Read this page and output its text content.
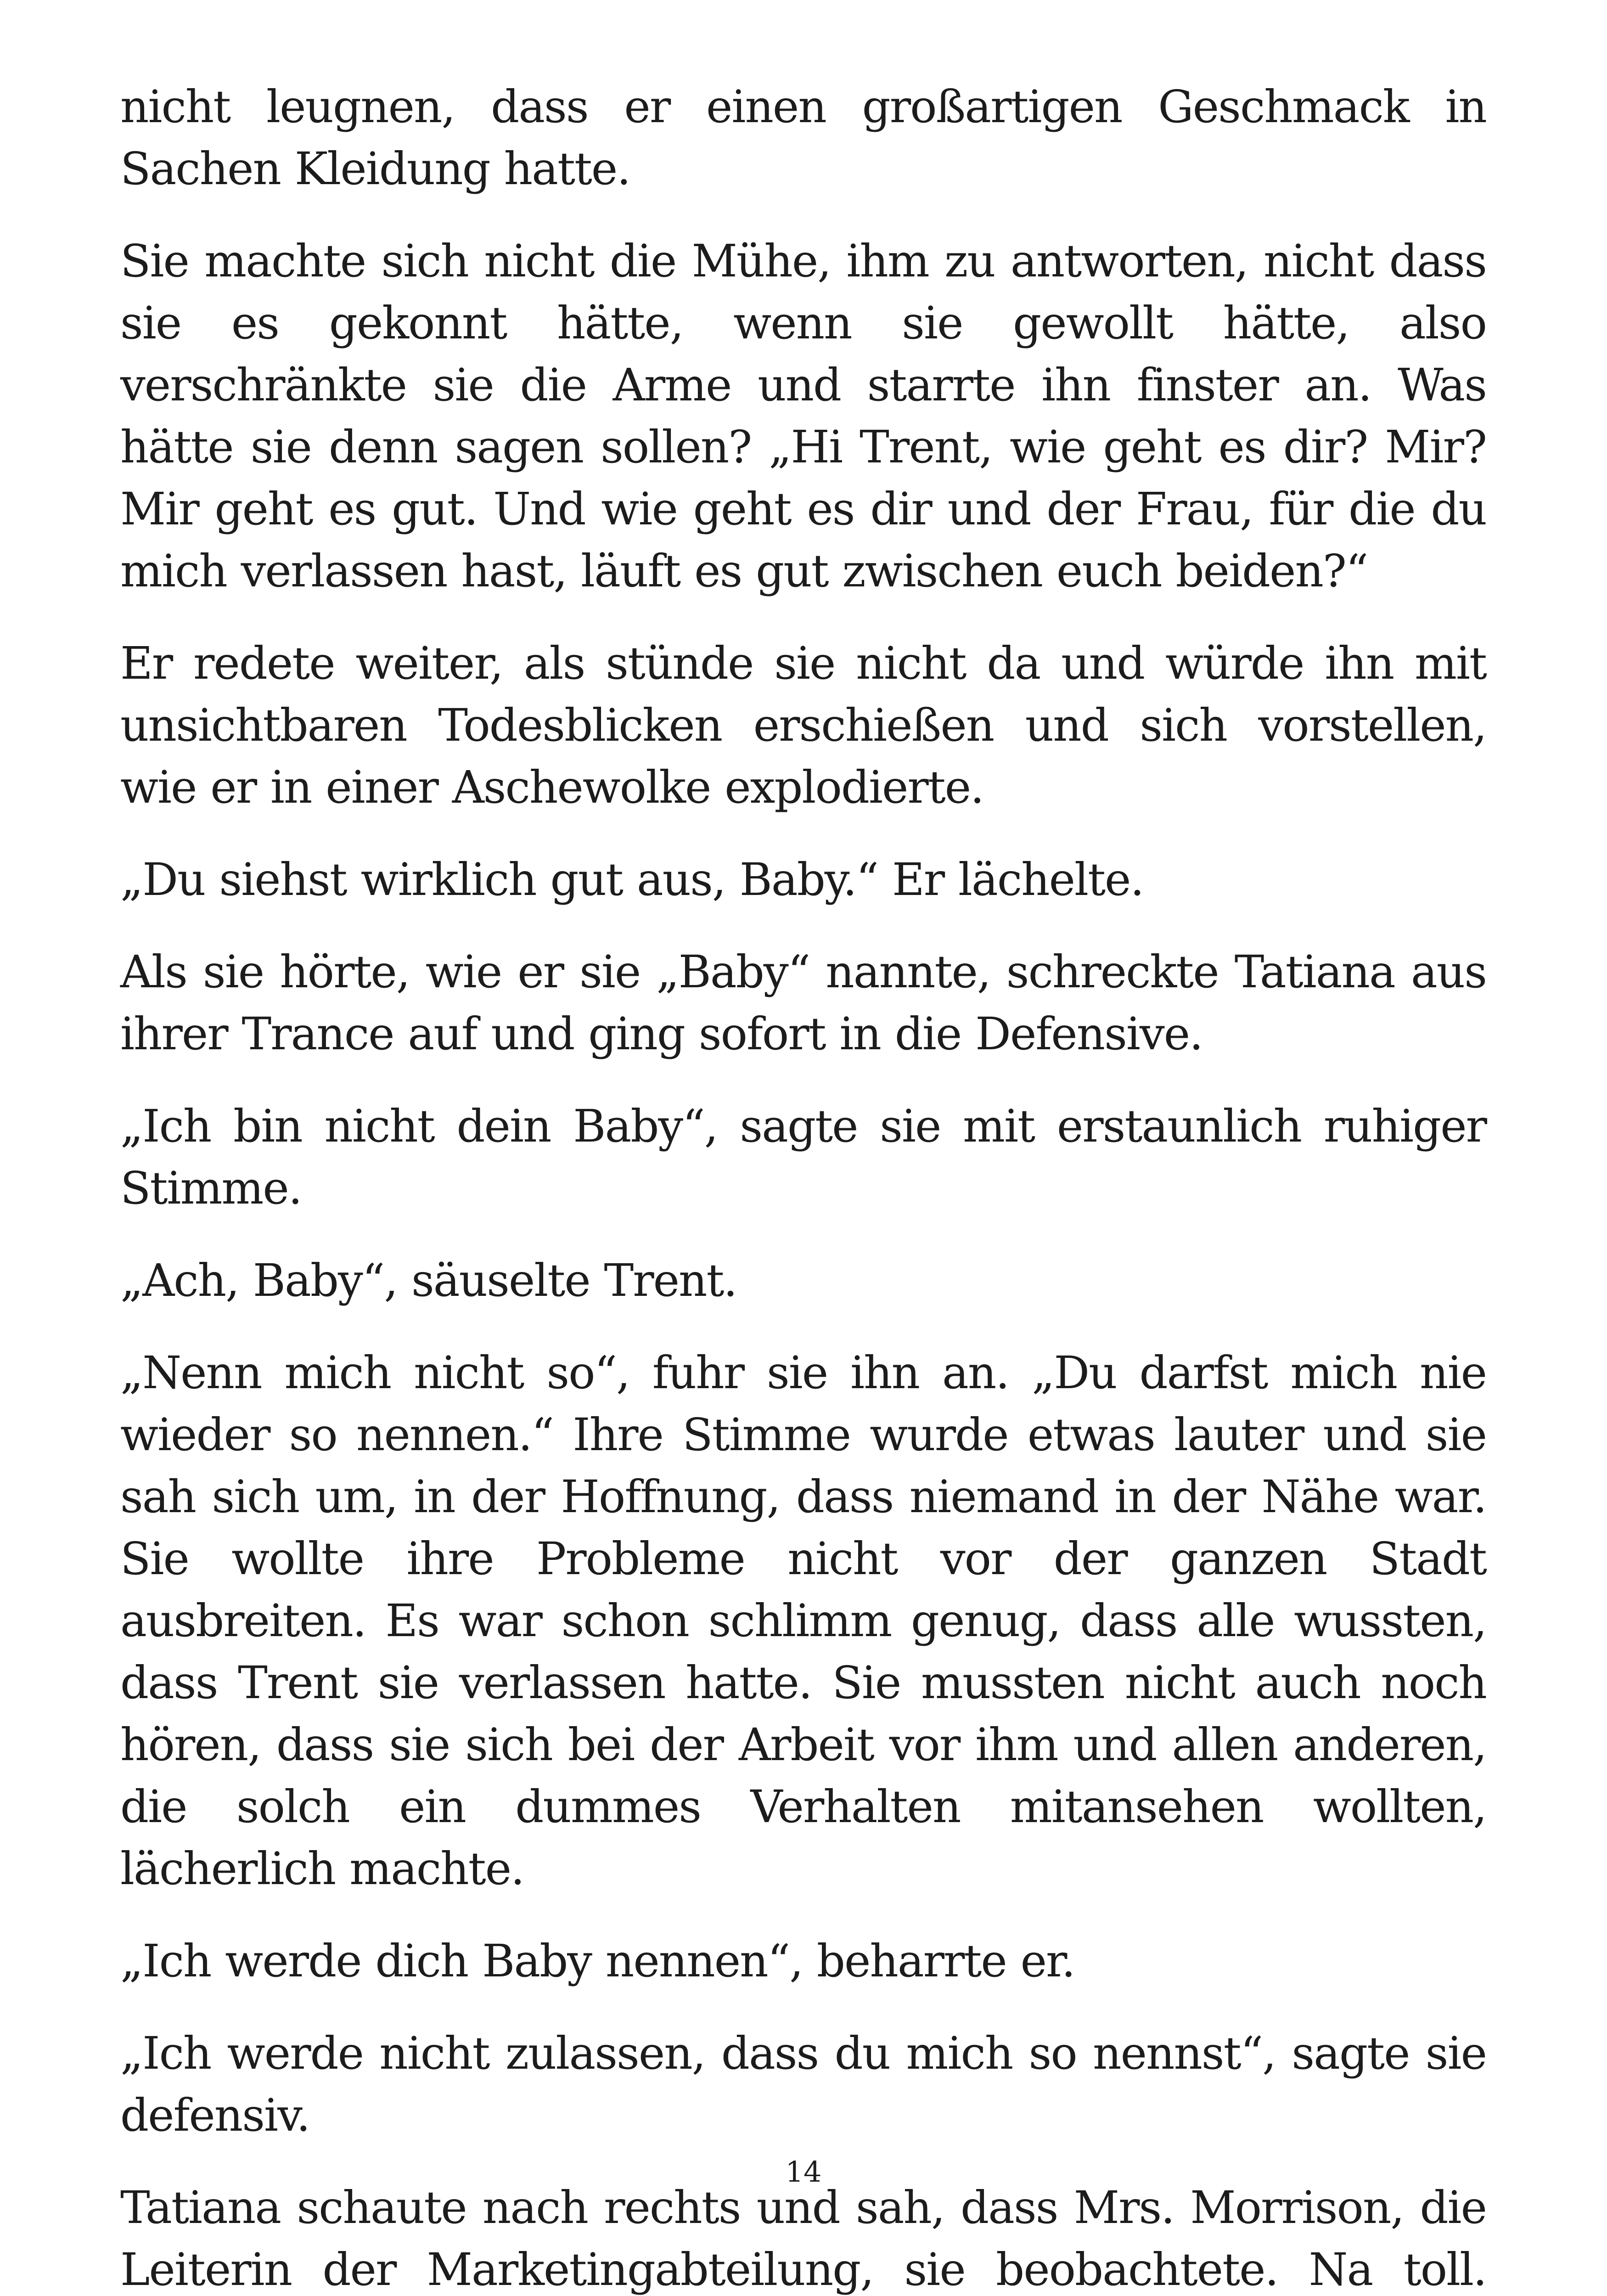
nicht leugnen, dass er einen großartigen Geschmack in Sachen Kleidung hatte.

Sie machte sich nicht die Mühe, ihm zu antworten, nicht dass sie es gekonnt hätte, wenn sie gewollt hätte, also verschränkte sie die Arme und starrte ihn finster an. Was hätte sie denn sagen sollen? „Hi Trent, wie geht es dir? Mir? Mir geht es gut. Und wie geht es dir und der Frau, für die du mich verlassen hast, läuft es gut zwischen euch beiden?“

Er redete weiter, als stünde sie nicht da und würde ihn mit unsichtbaren Todesblicken erschießen und sich vorstellen, wie er in einer Aschewolke explodierte.

„Du siehst wirklich gut aus, Baby.“ Er lächelte.

Als sie hörte, wie er sie „Baby“ nannte, schreckte Tatiana aus ihrer Trance auf und ging sofort in die Defensive.

„Ich bin nicht dein Baby“, sagte sie mit erstaunlich ruhiger Stimme.

„Ach, Baby“, säuselte Trent.

„Nenn mich nicht so“, fuhr sie ihn an. „Du darfst mich nie wieder so nennen.“ Ihre Stimme wurde etwas lauter und sie sah sich um, in der Hoffnung, dass niemand in der Nähe war. Sie wollte ihre Probleme nicht vor der ganzen Stadt ausbreiten. Es war schon schlimm genug, dass alle wussten, dass Trent sie verlassen hatte. Sie mussten nicht auch noch hören, dass sie sich bei der Arbeit vor ihm und allen anderen, die solch ein dummes Verhalten mitansehen wollten, lächerlich machte.

„Ich werde dich Baby nennen“, beharrte er.

„Ich werde nicht zulassen, dass du mich so nennst“, sagte sie defensiv.

Tatiana schaute nach rechts und sah, dass Mrs. Morrison, die Leiterin der Marketingabteilung, sie beobachtete. Na toll.

14
